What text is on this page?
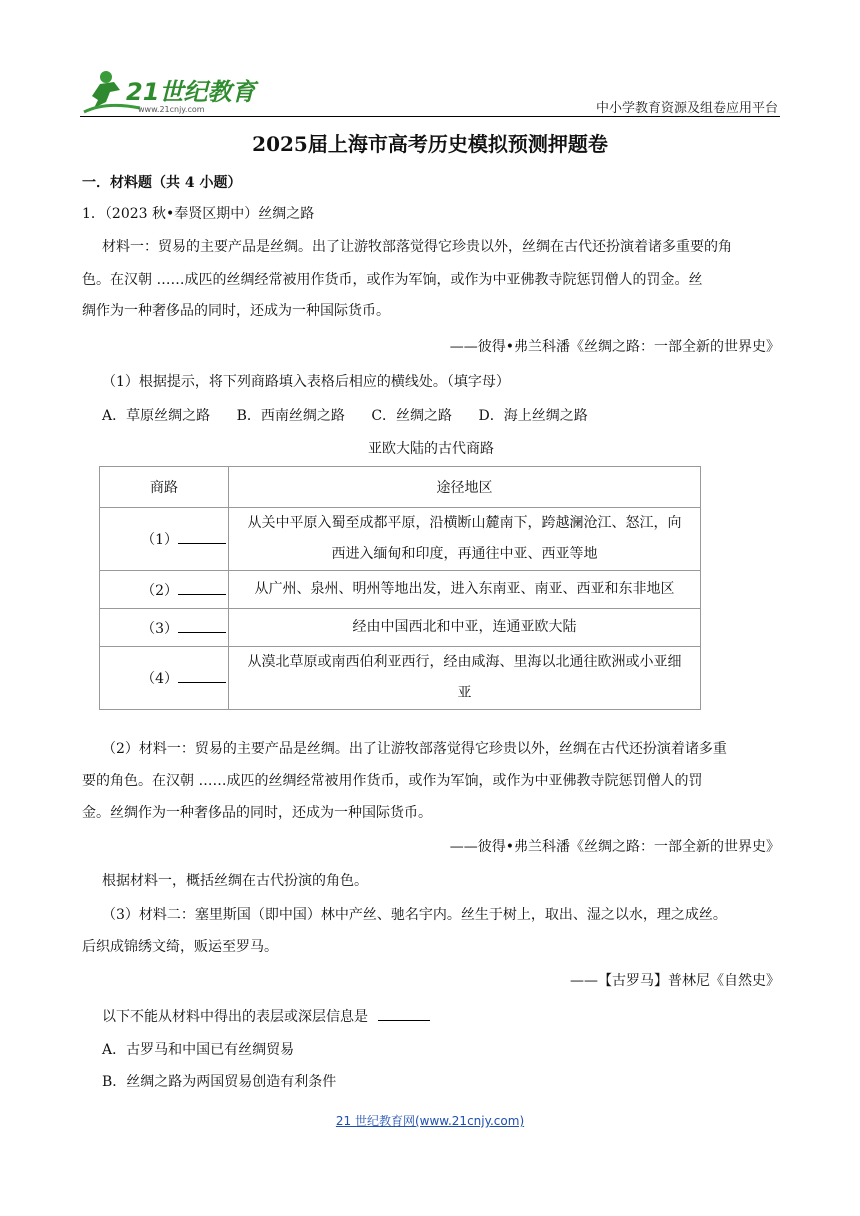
21世纪教育
www.21cnjy.com	中小学教育资源及组卷应用平台
2025届上海市高考历史模拟预测押题卷
一．材料题（共 4 小题）
1．（2023 秋•奉贤区期中）丝绸之路
材料一：贸易的主要产品是丝绸。出了让游牧部落觉得它珍贵以外，丝绸在古代还扮演着诸多重要的角
色。在汉朝 ……成匹的丝绸经常被用作货币，或作为军饷，或作为中亚佛教寺院惩罚僧人的罚金。丝
绸作为一种奢侈品的同时，还成为一种国际货币。
——彼得•弗兰科潘《丝绸之路：一部全新的世界史》
（1）根据提示，将下列商路填入表格后相应的横线处。（填字母）
A．草原丝绸之路 B．西南丝绸之路 C．丝绸之路 D．海上丝绸之路
亚欧大陆的古代商路
商路	途径地区
（1）	从关中平原入蜀至成都平原，沿横断山麓南下，跨越澜沧江、怒江，向
西进入缅甸和印度，再通往中亚、西亚等地

（2）	从广州、泉州、明州等地出发，进入东南亚、南亚、西亚和东非地区

（3）	经由中国西北和中亚，连通亚欧大陆

（4）	从漠北草原或南西伯利亚西行，经由咸海、里海以北通往欧洲或小亚细
亚
（2）材料一：贸易的主要产品是丝绸。出了让游牧部落觉得它珍贵以外，丝绸在古代还扮演着诸多重
要的角色。在汉朝 ……成匹的丝绸经常被用作货币，或作为军饷，或作为中亚佛教寺院惩罚僧人的罚
金。丝绸作为一种奢侈品的同时，还成为一种国际货币。
——彼得•弗兰科潘《丝绸之路：一部全新的世界史》
根据材料一，概括丝绸在古代扮演的角色。
（3）材料二：塞里斯国（即中国）林中产丝、驰名宇内。丝生于树上，取出、湿之以水，理之成丝。
后织成锦绣文绮，贩运至罗马。
——【古罗马】普林尼《自然史》
以下不能从材料中得出的表层或深层信息是
A．古罗马和中国已有丝绸贸易
B．丝绸之路为两国贸易创造有利条件
21 世纪教育网(www.21cnjy.com)
